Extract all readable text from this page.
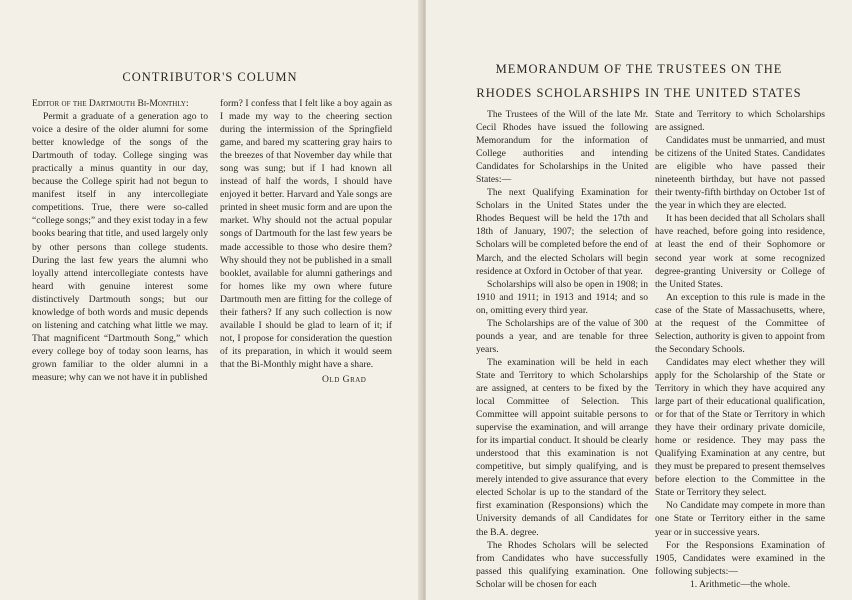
CONTRIBUTOR'S COLUMN

Editor of the Dartmouth Bi-Monthly:

Permit a graduate of a generation ago to voice a desire of the older alumni for some better knowledge of the songs of the Dartmouth of today. College singing was practically a minus quantity in our day, because the College spirit had not begun to manifest itself in any intercollegiate competitions. True, there were so-called “college songs;” and they exist today in a few books bearing that title, and used largely only by other persons than college students. During the last few years the alumni who loyally attend intercollegiate contests have heard with genuine interest some distinctively Dartmouth songs; but our knowledge of both words and music depends on listening and catching what little we may. That magnificent “Dartmouth Song,” which every college boy of today soon learns, has grown familiar to the older alumni in a measure; why can we not have it in published

form? I confess that I felt like a boy again as I made my way to the cheering section during the intermission of the Springfield game, and bared my scattering gray hairs to the breezes of that November day while that song was sung; but if I had known all instead of half the words, I should have enjoyed it better. Harvard and Yale songs are printed in sheet music form and are upon the market. Why should not the actual popular songs of Dartmouth for the last few years be made accessible to those who desire them? Why should they not be published in a small booklet, available for alumni gatherings and for homes like my own where future Dartmouth men are fitting for the college of their fathers? If any such collection is now available I should be glad to learn of it; if not, I propose for consideration the question of its preparation, in which it would seem that the Bi-Monthly might have a share.

Old Grad
MEMORANDUM OF THE TRUSTEES ON THE
RHODES SCHOLARSHIPS IN THE UNITED STATES

The Trustees of the Will of the late Mr. Cecil Rhodes have issued the following Memorandum for the information of College authorities and intending Candidates for Scholarships in the United States:—

The next Qualifying Examination for Scholars in the United States under the Rhodes Bequest will be held the 17th and 18th of January, 1907; the selection of Scholars will be completed before the end of March, and the elected Scholars will begin residence at Oxford in October of that year.

Scholarships will also be open in 1908; in 1910 and 1911; in 1913 and 1914; and so on, omitting every third year.

The Scholarships are of the value of 300 pounds a year, and are tenable for three years.

The examination will be held in each State and Territory to which Scholarships are assigned, at centers to be fixed by the local Committee of Selection. This Committee will appoint suitable persons to supervise the examination, and will arrange for its impartial conduct. It should be clearly understood that this examination is not competitive, but simply qualifying, and is merely intended to give assurance that every elected Scholar is up to the standard of the first examination (Responsions) which the University demands of all Candidates for the B.A. degree.

The Rhodes Scholars will be selected from Candidates who have successfully passed this qualifying examination. One Scholar will be chosen for each

State and Territory to which Scholarships are assigned.

Candidates must be unmarried, and must be citizens of the United States. Candidates are eligible who have passed their nineteenth birthday, but have not passed their twenty-fifth birthday on October 1st of the year in which they are elected.

It has been decided that all Scholars shall have reached, before going into residence, at least the end of their Sophomore or second year work at some recognized degree-granting University or College of the United States.

An exception to this rule is made in the case of the State of Massachusetts, where, at the request of the Committee of Selection, authority is given to appoint from the Secondary Schools.

Candidates may elect whether they will apply for the Scholarship of the State or Territory in which they have acquired any large part of their educational qualification, or for that of the State or Territory in which they have their ordinary private domicile, home or residence. They may pass the Qualifying Examination at any centre, but they must be prepared to present themselves before election to the Committee in the State or Territory they select.

No Candidate may compete in more than one State or Territory either in the same year or in successive years.

For the Responsions Examination of 1905, Candidates were examined in the following subjects:—

1. Arithmetic—the whole.
